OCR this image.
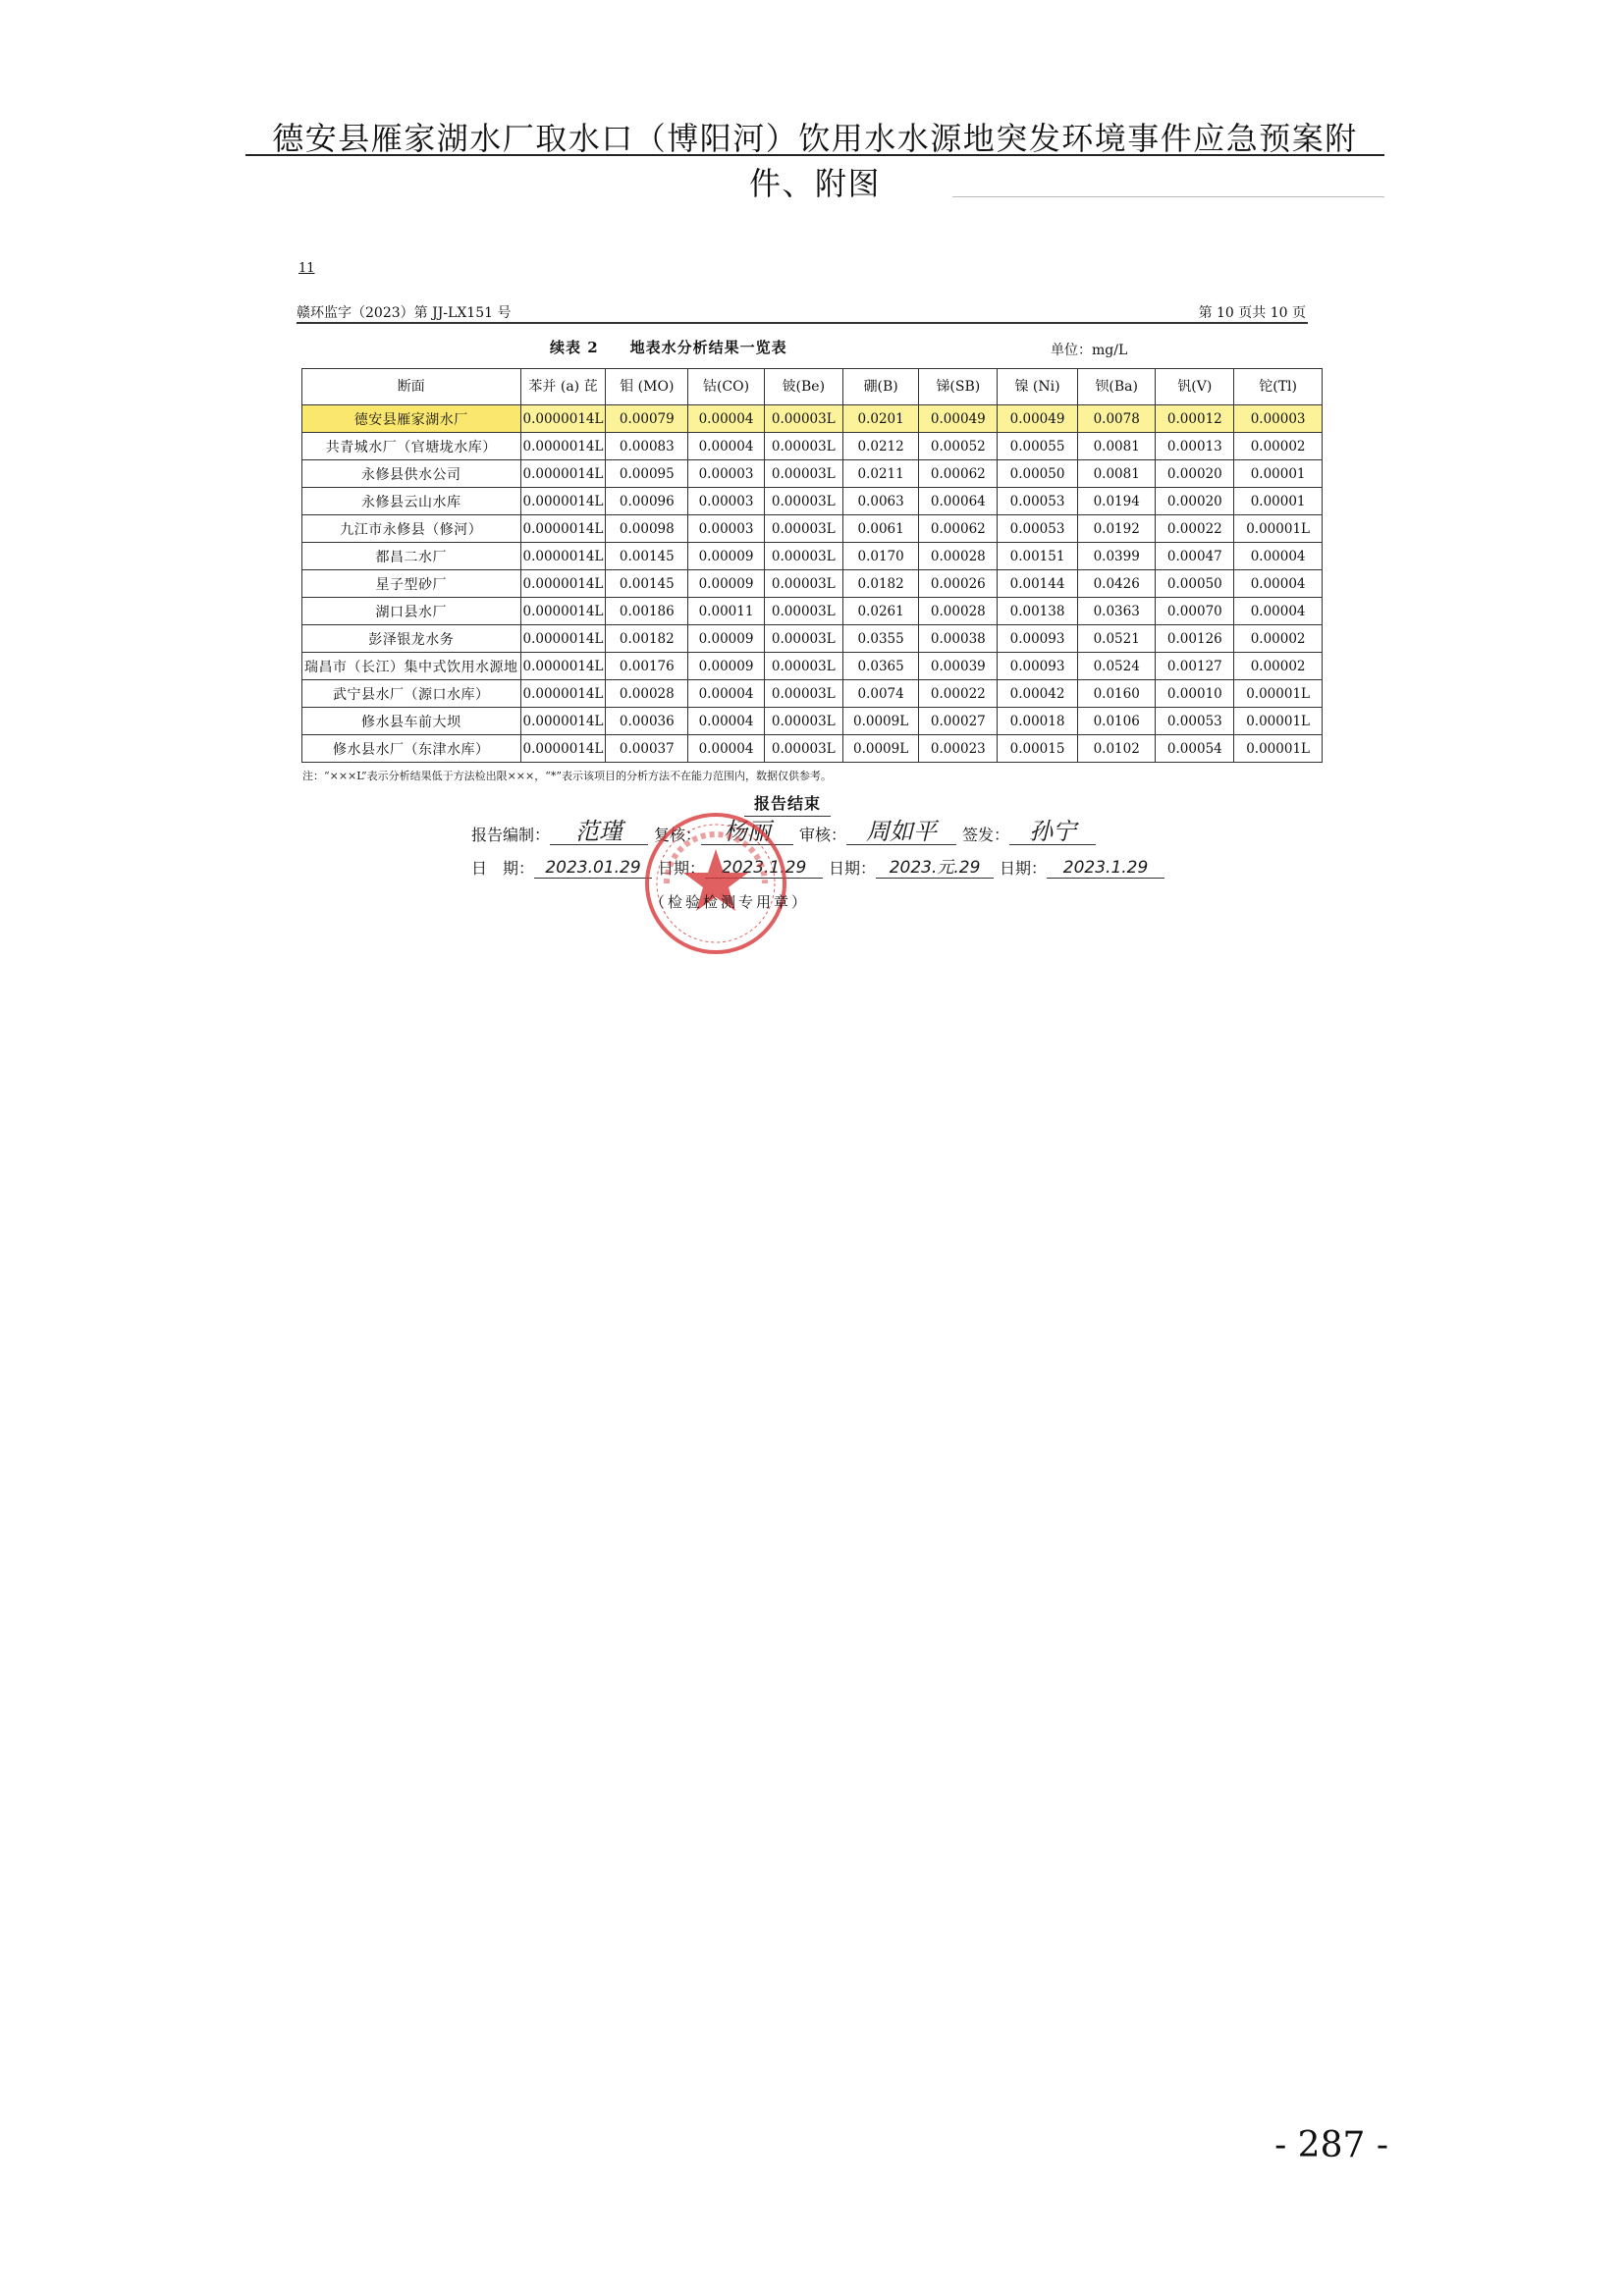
德安县雁家湖水厂取水口（博阳河）饮用水水源地突发环境事件应急预案附件、附图
11
赣环监字（2023）第 JJ-LX151 号	第 10 页共 10 页
续表 2　　地表水分析结果一览表	单位：mg/L
断面	苯并 (a) 芘	钼 (MO)	钴(CO)	铍(Be)	硼(B)	锑(SB)	镍 (Ni)	钡(Ba)	钒(V)	铊(Tl)
德安县雁家湖水厂	0.0000014L	0.00079	0.00004	0.00003L	0.0201	0.00049	0.00049	0.0078	0.00012	0.00003
共青城水厂（官塘垅水库）	0.0000014L	0.00083	0.00004	0.00003L	0.0212	0.00052	0.00055	0.0081	0.00013	0.00002
永修县供水公司	0.0000014L	0.00095	0.00003	0.00003L	0.0211	0.00062	0.00050	0.0081	0.00020	0.00001
永修县云山水库	0.0000014L	0.00096	0.00003	0.00003L	0.0063	0.00064	0.00053	0.0194	0.00020	0.00001
九江市永修县（修河）	0.0000014L	0.00098	0.00003	0.00003L	0.0061	0.00062	0.00053	0.0192	0.00022	0.00001L
都昌二水厂	0.0000014L	0.00145	0.00009	0.00003L	0.0170	0.00028	0.00151	0.0399	0.00047	0.00004
星子型砂厂	0.0000014L	0.00145	0.00009	0.00003L	0.0182	0.00026	0.00144	0.0426	0.00050	0.00004
湖口县水厂	0.0000014L	0.00186	0.00011	0.00003L	0.0261	0.00028	0.00138	0.0363	0.00070	0.00004
彭泽银龙水务	0.0000014L	0.00182	0.00009	0.00003L	0.0355	0.00038	0.00093	0.0521	0.00126	0.00002
瑞昌市（长江）集中式饮用水源地	0.0000014L	0.00176	0.00009	0.00003L	0.0365	0.00039	0.00093	0.0524	0.00127	0.00002
武宁县水厂（源口水库）	0.0000014L	0.00028	0.00004	0.00003L	0.0074	0.00022	0.00042	0.0160	0.00010	0.00001L
修水县车前大坝	0.0000014L	0.00036	0.00004	0.00003L	0.0009L	0.00027	0.00018	0.0106	0.00053	0.00001L
修水县水厂（东津水库）	0.0000014L	0.00037	0.00004	0.00003L	0.0009L	0.00023	0.00015	0.0102	0.00054	0.00001L
注：“×××L”表示分析结果低于方法检出限×××，“*”表示该项目的分析方法不在能力范围内，数据仅供参考。
报告结束
报告编制：	范瑾	复核： 杨丽	审核： 周如平	签发： 孙宁
日　期： 2023.01.29	日期： 2023.1.29	日期： 2023.元.29	日期： 2023.1.29
（检验检测专用章）
- 287 -
